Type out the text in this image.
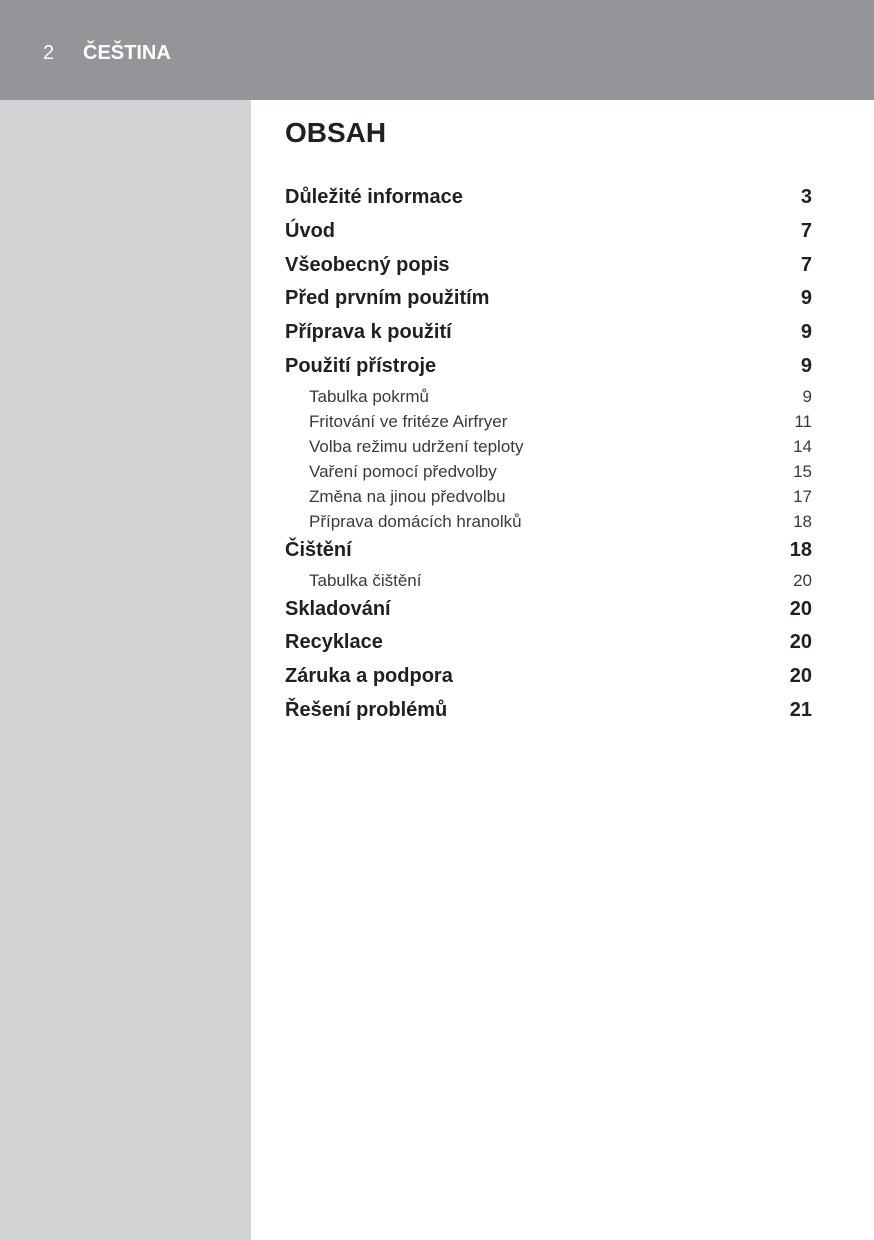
2 ČEŠTINA
OBSAH
Důležité informace	3
Úvod	7
Všeobecný popis	7
Před prvním použitím	9
Příprava k použití	9
Použití přístroje	9
Tabulka pokrmů	9
Fritování ve fritéze Airfryer	11
Volba režimu udržení teploty	14
Vaření pomocí předvolby	15
Změna na jinou předvolbu	17
Příprava domácích hranolků	18
Čištění	18
Tabulka čištění	20
Skladování	20
Recyklace	20
Záruka a podpora	20
Řešení problémů	21
